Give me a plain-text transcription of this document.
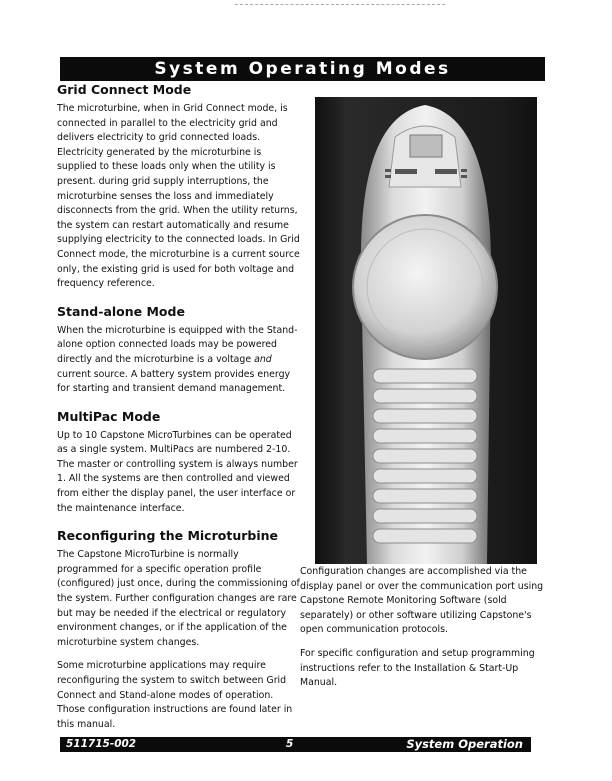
System Operating Modes
Grid Connect Mode

The microturbine, when in Grid Connect mode, is connected in parallel to the electricity grid and delivers electricity to grid connected loads. Electricity generated by the microturbine is supplied to these loads only when the utility is present. during grid supply interruptions, the microturbine senses the loss and immediately disconnects from the grid. When the utility returns, the system can restart automatically and resume supplying electricity to the connected loads. In Grid Connect mode, the microturbine is a current source only, the existing grid is used for both voltage and frequency reference.

Stand-alone Mode

When the microturbine is equipped with the Stand-alone option connected loads may be powered directly and the microturbine is a voltage and current source. A battery system provides energy for starting and transient demand management.

MultiPac Mode

Up to 10 Capstone MicroTurbines can be operated as a single system. MultiPacs are numbered 2-10. The master or controlling system is always number 1. All the systems are then controlled and viewed from either the display panel, the user interface or the maintenance interface.

Reconfiguring the Microturbine

The Capstone MicroTurbine is normally programmed for a specific operation profile (configured) just once, during the commissioning of the system. Further configuration changes are rare but may be needed if the electrical or regulatory environment changes, or if the application of the microturbine system changes.

Some microturbine applications may require reconfiguring the system to switch between Grid Connect and Stand-alone modes of operation. Those configuration instructions are found later in this manual.

Configuration changes are accomplished via the display panel or over the communication port using Capstone Remote Monitoring Software (sold separately) or other software utilizing Capstone's open communication protocols.

For specific configuration and setup programming instructions refer to the Installation & Start-Up Manual.

511715-002	5	System Operation
